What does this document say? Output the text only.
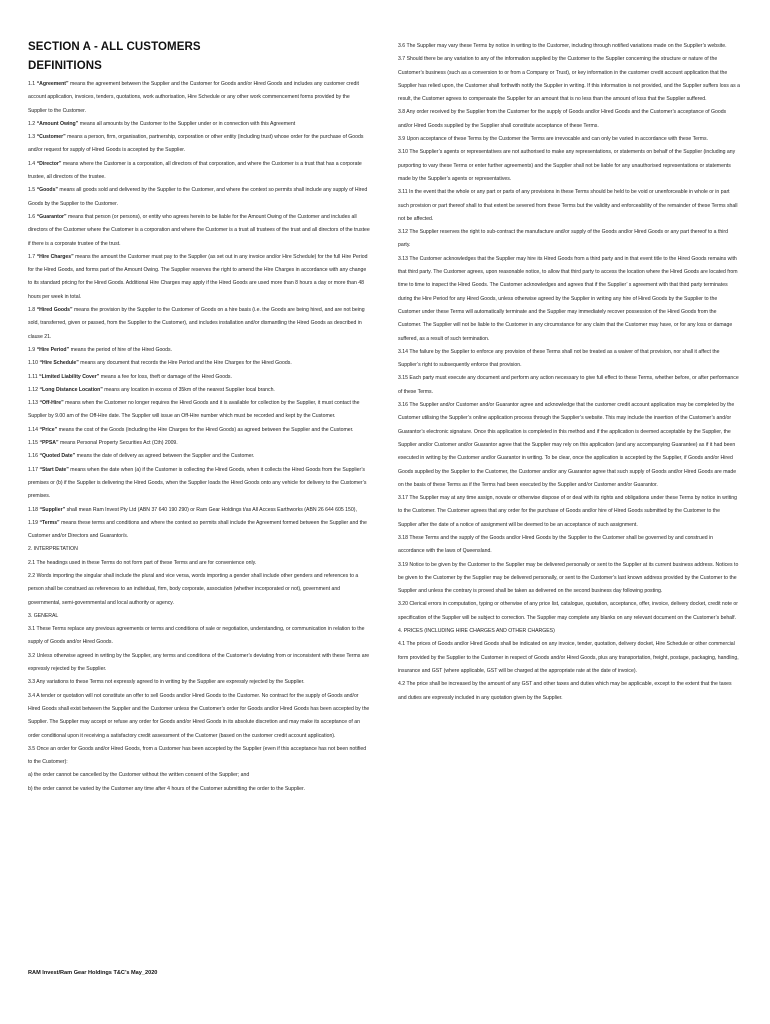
SECTION A - ALL CUSTOMERS
DEFINITIONS

1.1 “Agreement” means the agreement between the Supplier and the Customer for Goods and/or Hired Goods and includes any customer credit account application, invoices, tenders, quotations, work authorisation, Hire Schedule or any other work commencement forms provided by the Supplier to the Customer.

1.2 “Amount Owing” means all amounts by the Customer to the Supplier under or in connection with this Agreement

1.3 “Customer” means a person, firm, organisation, partnership, corporation or other entity (including trust) whose order for the purchase of Goods and/or request for supply of Hired Goods is accepted by the Supplier.

1.4 “Director” means where the Customer is a corporation, all directors of that corporation, and where the Customer is a trust that has a corporate trustee, all directors of the trustee.

1.5 “Goods” means all goods sold and delivered by the Supplier to the Customer, and where the context so permits shall include any supply of Hired Goods by the Supplier to the Customer.

1.6 “Guarantor” means that person (or persons), or entity who agrees herein to be liable for the Amount Owing of the Customer and includes all directors of the Customer where the Customer is a corporation and where the Customer is a trust all trustees of the trust and all directors of the trustee if there is a corporate trustee of the trust.

1.7 “Hire Charges” means the amount the Customer must pay to the Supplier (as set out in any invoice and/or Hire Schedule) for the full Hire Period for the Hired Goods, and forms part of the Amount Owing. The Supplier reserves the right to amend the Hire Charges in accordance with any change to its standard pricing for the Hired Goods. Additional Hire Charges may apply if the Hired Goods are used more than 8 hours a day or more than 48 hours per week in total.

1.8 “Hired Goods” means the provision by the Supplier to the Customer of Goods on a hire basis (i.e. the Goods are being hired, and are not being sold, transferred, given or passed, from the Supplier to the Customer), and includes installation and/or dismantling the Hired Goods as described in clause 21.

1.9 “Hire Period” means the period of hire of the Hired Goods.

1.10 “Hire Schedule” means any document that records the Hire Period and the Hire Charges for the Hired Goods.

1.11 “Limited Liability Cover” means a fee for loss, theft or damage of the Hired Goods.

1.12 “Long Distance Location” means any location in excess of 35km of the nearest Supplier local branch.

1.13 “Off-Hire” means when the Customer no longer requires the Hired Goods and it is available for collection by the Supplier, it must contact the Supplier by 9.00 am of the Off-Hire date. The Supplier will issue an Off-Hire number which must be recorded and kept by the Customer.

1.14 “Price” means the cost of the Goods (including the Hire Charges for the Hired Goods) as agreed between the Supplier and the Customer.

1.15 “PPSA” means Personal Property Securities Act (Cth) 2009.

1.16 “Quoted Date” means the date of delivery as agreed between the Supplier and the Customer.

1.17 “Start Date” means when the date when (a) if the Customer is collecting the Hired Goods, when it collects the Hired Goods from the Supplier’s premises or (b) if the Supplier is delivering the Hired Goods, when the Supplier loads the Hired Goods onto any vehicle for delivery to the Customer’s premises.

1.18 “Supplier” shall mean Ram Invest Pty Ltd (ABN 37 640 190 290) or Ram Gear Holdings t/as All Access Earthworks (ABN 26 644 605 150),

1.19 “Terms” means these terms and conditions and where the context so permits shall include the Agreement formed between the Supplier and the Customer and/or Directors and Guarantor/s.

2. INTERPRETATION

2.1 The headings used in these Terms do not form part of these Terms and are for convenience only.

2.2 Words importing the singular shall include the plural and vice versa, words importing a gender shall include other genders and references to a person shall be construed as references to an individual, firm, body corporate, association (whether incorporated or not), government and governmental, semi-governmental and local authority or agency.

3. GENERAL

3.1 These Terms replace any previous agreements or terms and conditions of sale or negotiation, understanding, or communication in relation to the supply of Goods and/or Hired Goods.

3.2 Unless otherwise agreed in writing by the Supplier, any terms and conditions of the Customer’s deviating from or inconsistent with these Terms are expressly rejected by the Supplier.

3.3 Any variations to these Terms not expressly agreed to in writing by the Supplier are expressly rejected by the Supplier.

3.4 A tender or quotation will not constitute an offer to sell Goods and/or Hired Goods to the Customer. No contract for the supply of Goods and/or Hired Goods shall exist between the Supplier and the Customer unless the Customer’s order for Goods and/or Hired Goods has been accepted by the Supplier. The Supplier may accept or refuse any order for Goods and/or Hired Goods in its absolute discretion and may make its acceptance of an order conditional upon it receiving a satisfactory credit assessment of the Customer (based on the customer credit account application).

3.5 Once an order for Goods and/or Hired Goods, from a Customer has been accepted by the Supplier (even if this acceptance has not been notified to the Customer):

a) the order cannot be cancelled by the Customer without the written consent of the Supplier; and

b) the order cannot be varied by the Customer any time after 4 hours of the Customer submitting the order to the Supplier.

3.6 The Supplier may vary these Terms by notice in writing to the Customer, including through notified variations made on the Supplier’s website.

3.7 Should there be any variation to any of the information supplied by the Customer to the Supplier concerning the structure or nature of the Customer’s business (such as a conversion to or from a Company or Trust), or key information in the customer credit account application that the Supplier has relied upon, the Customer shall forthwith notify the Supplier in writing. If this information is not provided, and the Supplier suffers loss as a result, the Customer agrees to compensate the Supplier for an amount that is no less than the amount of loss that the Supplier suffered.

3.8 Any order received by the Supplier from the Customer for the supply of Goods and/or Hired Goods and the Customer’s acceptance of Goods and/or Hired Goods supplied by the Supplier shall constitute acceptance of these Terms.

3.9 Upon acceptance of these Terms by the Customer the Terms are irrevocable and can only be varied in accordance with these Terms.

3.10 The Supplier’s agents or representatives are not authorised to make any representations, or statements on behalf of the Supplier (including any purporting to vary these Terms or enter further agreements) and the Supplier shall not be liable for any unauthorised representations or statements made by the Supplier’s agents or representatives.

3.11 In the event that the whole or any part or parts of any provisions in these Terms should be held to be void or unenforceable in whole or in part such provision or part thereof shall to that extent be severed from these Terms but the validity and enforceability of the remainder of these Terms shall not be affected.

3.12 The Supplier reserves the right to sub-contract the manufacture and/or supply of the Goods and/or Hired Goods or any part thereof to a third party.

3.13 The Customer acknowledges that the Supplier may hire its Hired Goods from a third party and in that event title to the Hired Goods remains with that third party. The Customer agrees, upon reasonable notice, to allow that third party to access the location where the Hired Goods are located from time to time to inspect the Hired Goods. The Customer acknowledges and agrees that if the Supplier’ s agreement with that third party terminates during the Hire Period for any Hired Goods, unless otherwise agreed by the Supplier in writing any hire of Hired Goods by the Supplier to the Customer under these Terms will automatically terminate and the Supplier may immediately recover possession of the Hired Goods from the Customer. The Supplier will not be liable to the Customer in any circumstance for any claim that the Customer may have, or for any loss or damage suffered, as a result of such termination.

3.14 The failure by the Supplier to enforce any provision of these Terms shall not be treated as a waiver of that provision, nor shall it affect the Supplier’s right to subsequently enforce that provision.

3.15 Each party must execute any document and perform any action necessary to give full effect to these Terms, whether before, or after performance of these Terms.

3.16 The Supplier and/or Customer and/or Guarantor agree and acknowledge that the customer credit account application may be completed by the Customer utilising the Supplier’s online application process through the Supplier’s website. This may include the insertion of the Customer’s and/or Guarantor’s electronic signature. Once this application is completed in this method and if the application is deemed acceptable by the Supplier, the Supplier and/or Customer and/or Guarantor agree that the Supplier may rely on this application (and any accompanying Guarantee) as if it had been executed in writing by the Customer and/or Guarantor in writing. To be clear, once the application is accepted by the Supplier, if Goods and/or Hired Goods supplied by the Supplier to the Customer, the Customer and/or any Guarantor agree that such supply of Goods and/or Hired Goods are made on the basis of these Terms as if the Terms had been executed by the Supplier and/or Customer and/or Guarantor.

3.17 The Supplier may at any time assign, novate or otherwise dispose of or deal with its rights and obligations under these Terms by notice in writing to the Customer. The Customer agrees that any order for the purchase of Goods and/or hire of Hired Goods submitted by the Customer to the Supplier after the date of a notice of assignment will be deemed to be an acceptance of such assignment.

3.18 These Terms and the supply of the Goods and/or Hired Goods by the Supplier to the Customer shall be governed by and construed in accordance with the laws of Queensland.

3.19 Notice to be given by the Customer to the Supplier may be delivered personally or sent to the Supplier at its current business address. Notices to be given to the Customer by the Supplier may be delivered personally, or sent to the Customer’s last known address provided by the Customer to the Supplier and unless the contrary is proved shall be taken as delivered on the second business day following posting.

3.20 Clerical errors in computation, typing or otherwise of any price list, catalogue, quotation, acceptance, offer, invoice, delivery docket, credit note or specification of the Supplier will be subject to correction. The Supplier may complete any blanks on any relevant document on the Customer’s behalf.

4. PRICES (INCLUDING HIRE CHARGES AND OTHER CHARGES)

4.1 The prices of Goods and/or Hired Goods shall be indicated on any invoice, tender, quotation, delivery docket, Hire Schedule or other commercial form provided by the Supplier to the Customer in respect of Goods and/or Hired Goods, plus any transportation, freight, postage, packaging, handling, insurance and GST (where applicable, GST will be charged at the appropriate rate at the date of invoice).

4.2 The price shall be increased by the amount of any GST and other taxes and duties which may be applicable, except to the extent that the taxes and duties are expressly included in any quotation given by the Supplier.

RAM Invest/Ram Gear Holdings T&C’s May_2020
